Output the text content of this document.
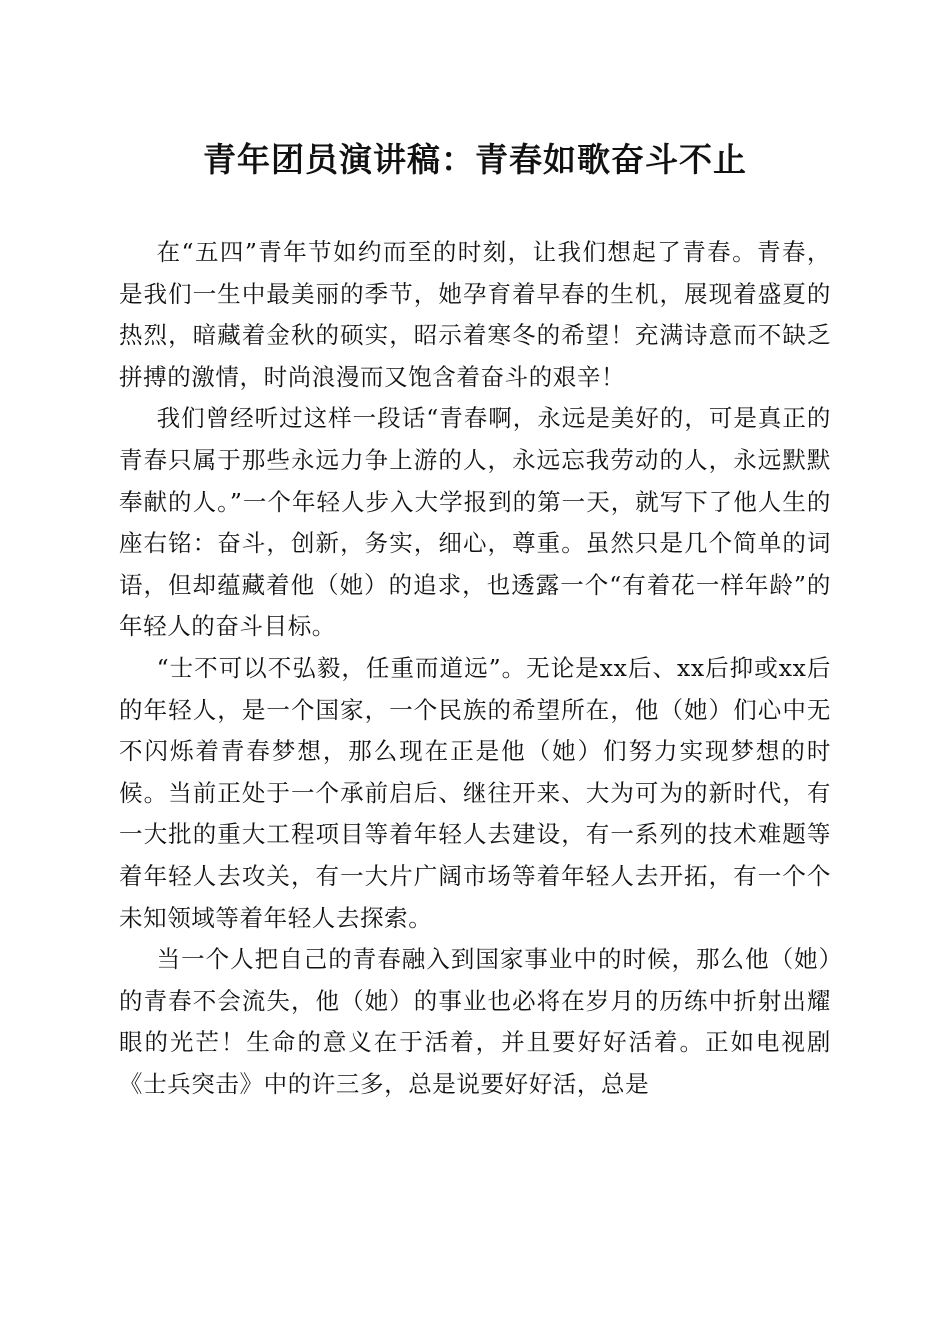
青年团员演讲稿：青春如歌奋斗不止

在“五四”青年节如约而至的时刻，让我们想起了青春。青春，是我们一生中最美丽的季节，她孕育着早春的生机，展现着盛夏的热烈，暗藏着金秋的硕实，昭示着寒冬的希望！充满诗意而不缺乏拼搏的激情，时尚浪漫而又饱含着奋斗的艰辛！

我们曾经听过这样一段话“青春啊，永远是美好的，可是真正的青春只属于那些永远力争上游的人，永远忘我劳动的人，永远默默奉献的人。”一个年轻人步入大学报到的第一天，就写下了他人生的座右铭：奋斗，创新，务实，细心，尊重。虽然只是几个简单的词语，但却蕴藏着他（她）的追求，也透露一个“有着花一样年龄”的年轻人的奋斗目标。

“士不可以不弘毅，任重而道远”。无论是xx后、xx后抑或xx后的年轻人，是一个国家，一个民族的希望所在，他（她）们心中无不闪烁着青春梦想，那么现在正是他（她）们努力实现梦想的时候。当前正处于一个承前启后、继往开来、大为可为的新时代，有一大批的重大工程项目等着年轻人去建设，有一系列的技术难题等着年轻人去攻关，有一大片广阔市场等着年轻人去开拓，有一个个未知领域等着年轻人去探索。

当一个人把自己的青春融入到国家事业中的时候，那么他（她）的青春不会流失，他（她）的事业也必将在岁月的历练中折射出耀眼的光芒！生命的意义在于活着，并且要好好活着。正如电视剧《士兵突击》中的许三多，总是说要好好活，总是
